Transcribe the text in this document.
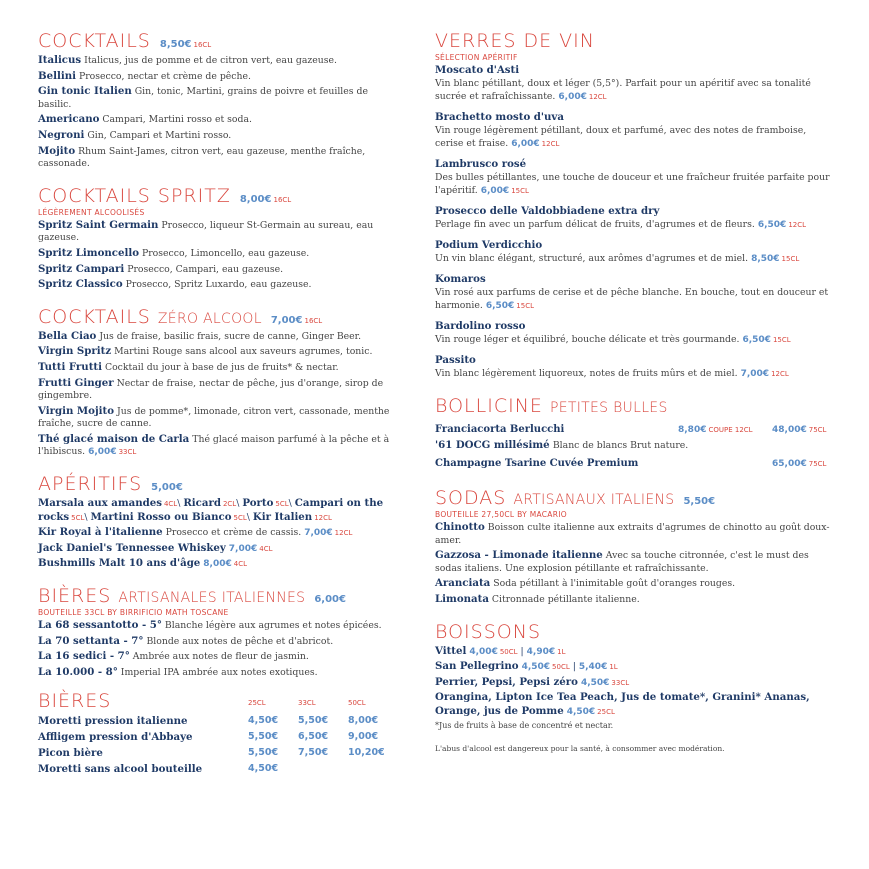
COCKTAILS 8,50€ 16CL
Italicus Italicus, jus de pomme et de citron vert, eau gazeuse.
Bellini Prosecco, nectar et crème de pêche.
Gin tonic Italien Gin, tonic, Martini, grains de poivre et feuilles de basilic.
Americano Campari, Martini rosso et soda.
Negroni Gin, Campari et Martini rosso.
Mojito Rhum Saint-James, citron vert, eau gazeuse, menthe fraîche, cassonade.
COCKTAILS SPRITZ 8,00€ 16CL
LÉGÈREMENT ALCOOLISÉS
Spritz Saint Germain Prosecco, liqueur St-Germain au sureau, eau gazeuse.
Spritz Limoncello Prosecco, Limoncello, eau gazeuse.
Spritz Campari Prosecco, Campari, eau gazeuse.
Spritz Classico Prosecco, Spritz Luxardo, eau gazeuse.
COCKTAILS ZÉRO ALCOOL 7,00€ 16CL
Bella Ciao Jus de fraise, basilic frais, sucre de canne, Ginger Beer.
Virgin Spritz Martini Rouge sans alcool aux saveurs agrumes, tonic.
Tutti Frutti Cocktail du jour à base de jus de fruits* & nectar.
Frutti Ginger Nectar de fraise, nectar de pêche, jus d'orange, sirop de gingembre.
Virgin Mojito Jus de pomme*, limonade, citron vert, cassonade, menthe fraîche, sucre de canne.
Thé glacé maison de Carla Thé glacé maison parfumé à la pêche et à l'hibiscus. 6,00€ 33CL
APÉRITIFS 5,00€
Marsala aux amandes 4CL\ Ricard 2CL\ Porto 5CL\ Campari on the rocks 5CL\ Martini Rosso ou Bianco 5CL\ Kir Italien 12CL
Kir Royal à l'italienne Prosecco et crème de cassis. 7,00€ 12CL
Jack Daniel's Tennessee Whiskey 7,00€ 4CL
Bushmills Malt 10 ans d'âge 8,00€ 4CL
BIÈRES ARTISANALES ITALIENNES 6,00€
BOUTEILLE 33CL BY BIRRIFICIO MATH TOSCANE
La 68 sessantotto - 5° Blanche légère aux agrumes et notes épicées.
La 70 settanta - 7° Blonde aux notes de pêche et d'abricot.
La 16 sedici - 7° Ambrée aux notes de fleur de jasmin.
La 10.000 - 8° Imperial IPA ambrée aux notes exotiques.
BIÈRES	25CL	33CL	50CL
Moretti pression italienne	4,50€	5,50€	8,00€
Affligem pression d'Abbaye	5,50€	6,50€	9,00€
Picon bière	5,50€	7,50€	10,20€
Moretti sans alcool bouteille	4,50€		
VERRES DE VIN
SÉLECTION APÉRITIF
Moscato d'Asti
Vin blanc pétillant, doux et léger (5,5°). Parfait pour un apéritif avec sa tonalité sucrée et rafraîchissante. 6,00€ 12CL
Brachetto mosto d'uva
Vin rouge légèrement pétillant, doux et parfumé, avec des notes de framboise, cerise et fraise. 6,00€ 12CL
Lambrusco rosé
Des bulles pétillantes, une touche de douceur et une fraîcheur fruitée parfaite pour l'apéritif. 6,00€ 15CL
Prosecco delle Valdobbiadene extra dry
Perlage fin avec un parfum délicat de fruits, d'agrumes et de fleurs. 6,50€ 12CL
Podium Verdicchio
Un vin blanc élégant, structuré, aux arômes d'agrumes et de miel. 8,50€ 15CL
Komaros
Vin rosé aux parfums de cerise et de pêche blanche. En bouche, tout en douceur et harmonie. 6,50€ 15CL
Bardolino rosso
Vin rouge léger et équilibré, bouche délicate et très gourmande. 6,50€ 15CL
Passito
Vin blanc légèrement liquoreux, notes de fruits mûrs et de miel. 7,00€ 12CL
BOLLICINE PETITES BULLES
Franciacorta Berlucchi	8,80€ COUPE 12CL	48,00€ 75CL
'61 DOCG millésimé Blanc de blancs Brut nature.		
Champagne Tsarine Cuvée Premium		65,00€ 75CL
SODAS ARTISANAUX ITALIENS 5,50€
BOUTEILLE 27,50CL BY MACARIO
Chinotto Boisson culte italienne aux extraits d'agrumes de chinotto au goût doux-amer.
Gazzosa - Limonade italienne Avec sa touche citronnée, c'est le must des sodas italiens. Une explosion pétillante et rafraîchissante.
Aranciata Soda pétillant à l'inimitable goût d'oranges rouges.
Limonata Citronnade pétillante italienne.
BOISSONS
Vittel 4,00€ 50CL | 4,90€ 1L
San Pellegrino 4,50€ 50CL | 5,40€ 1L
Perrier, Pepsi, Pepsi zéro 4,50€ 33CL
Orangina, Lipton Ice Tea Peach, Jus de tomate*, Granini* Ananas, Orange, jus de Pomme 4,50€ 25CL
*Jus de fruits à base de concentré et nectar.
L'abus d'alcool est dangereux pour la santé, à consommer avec modération.
